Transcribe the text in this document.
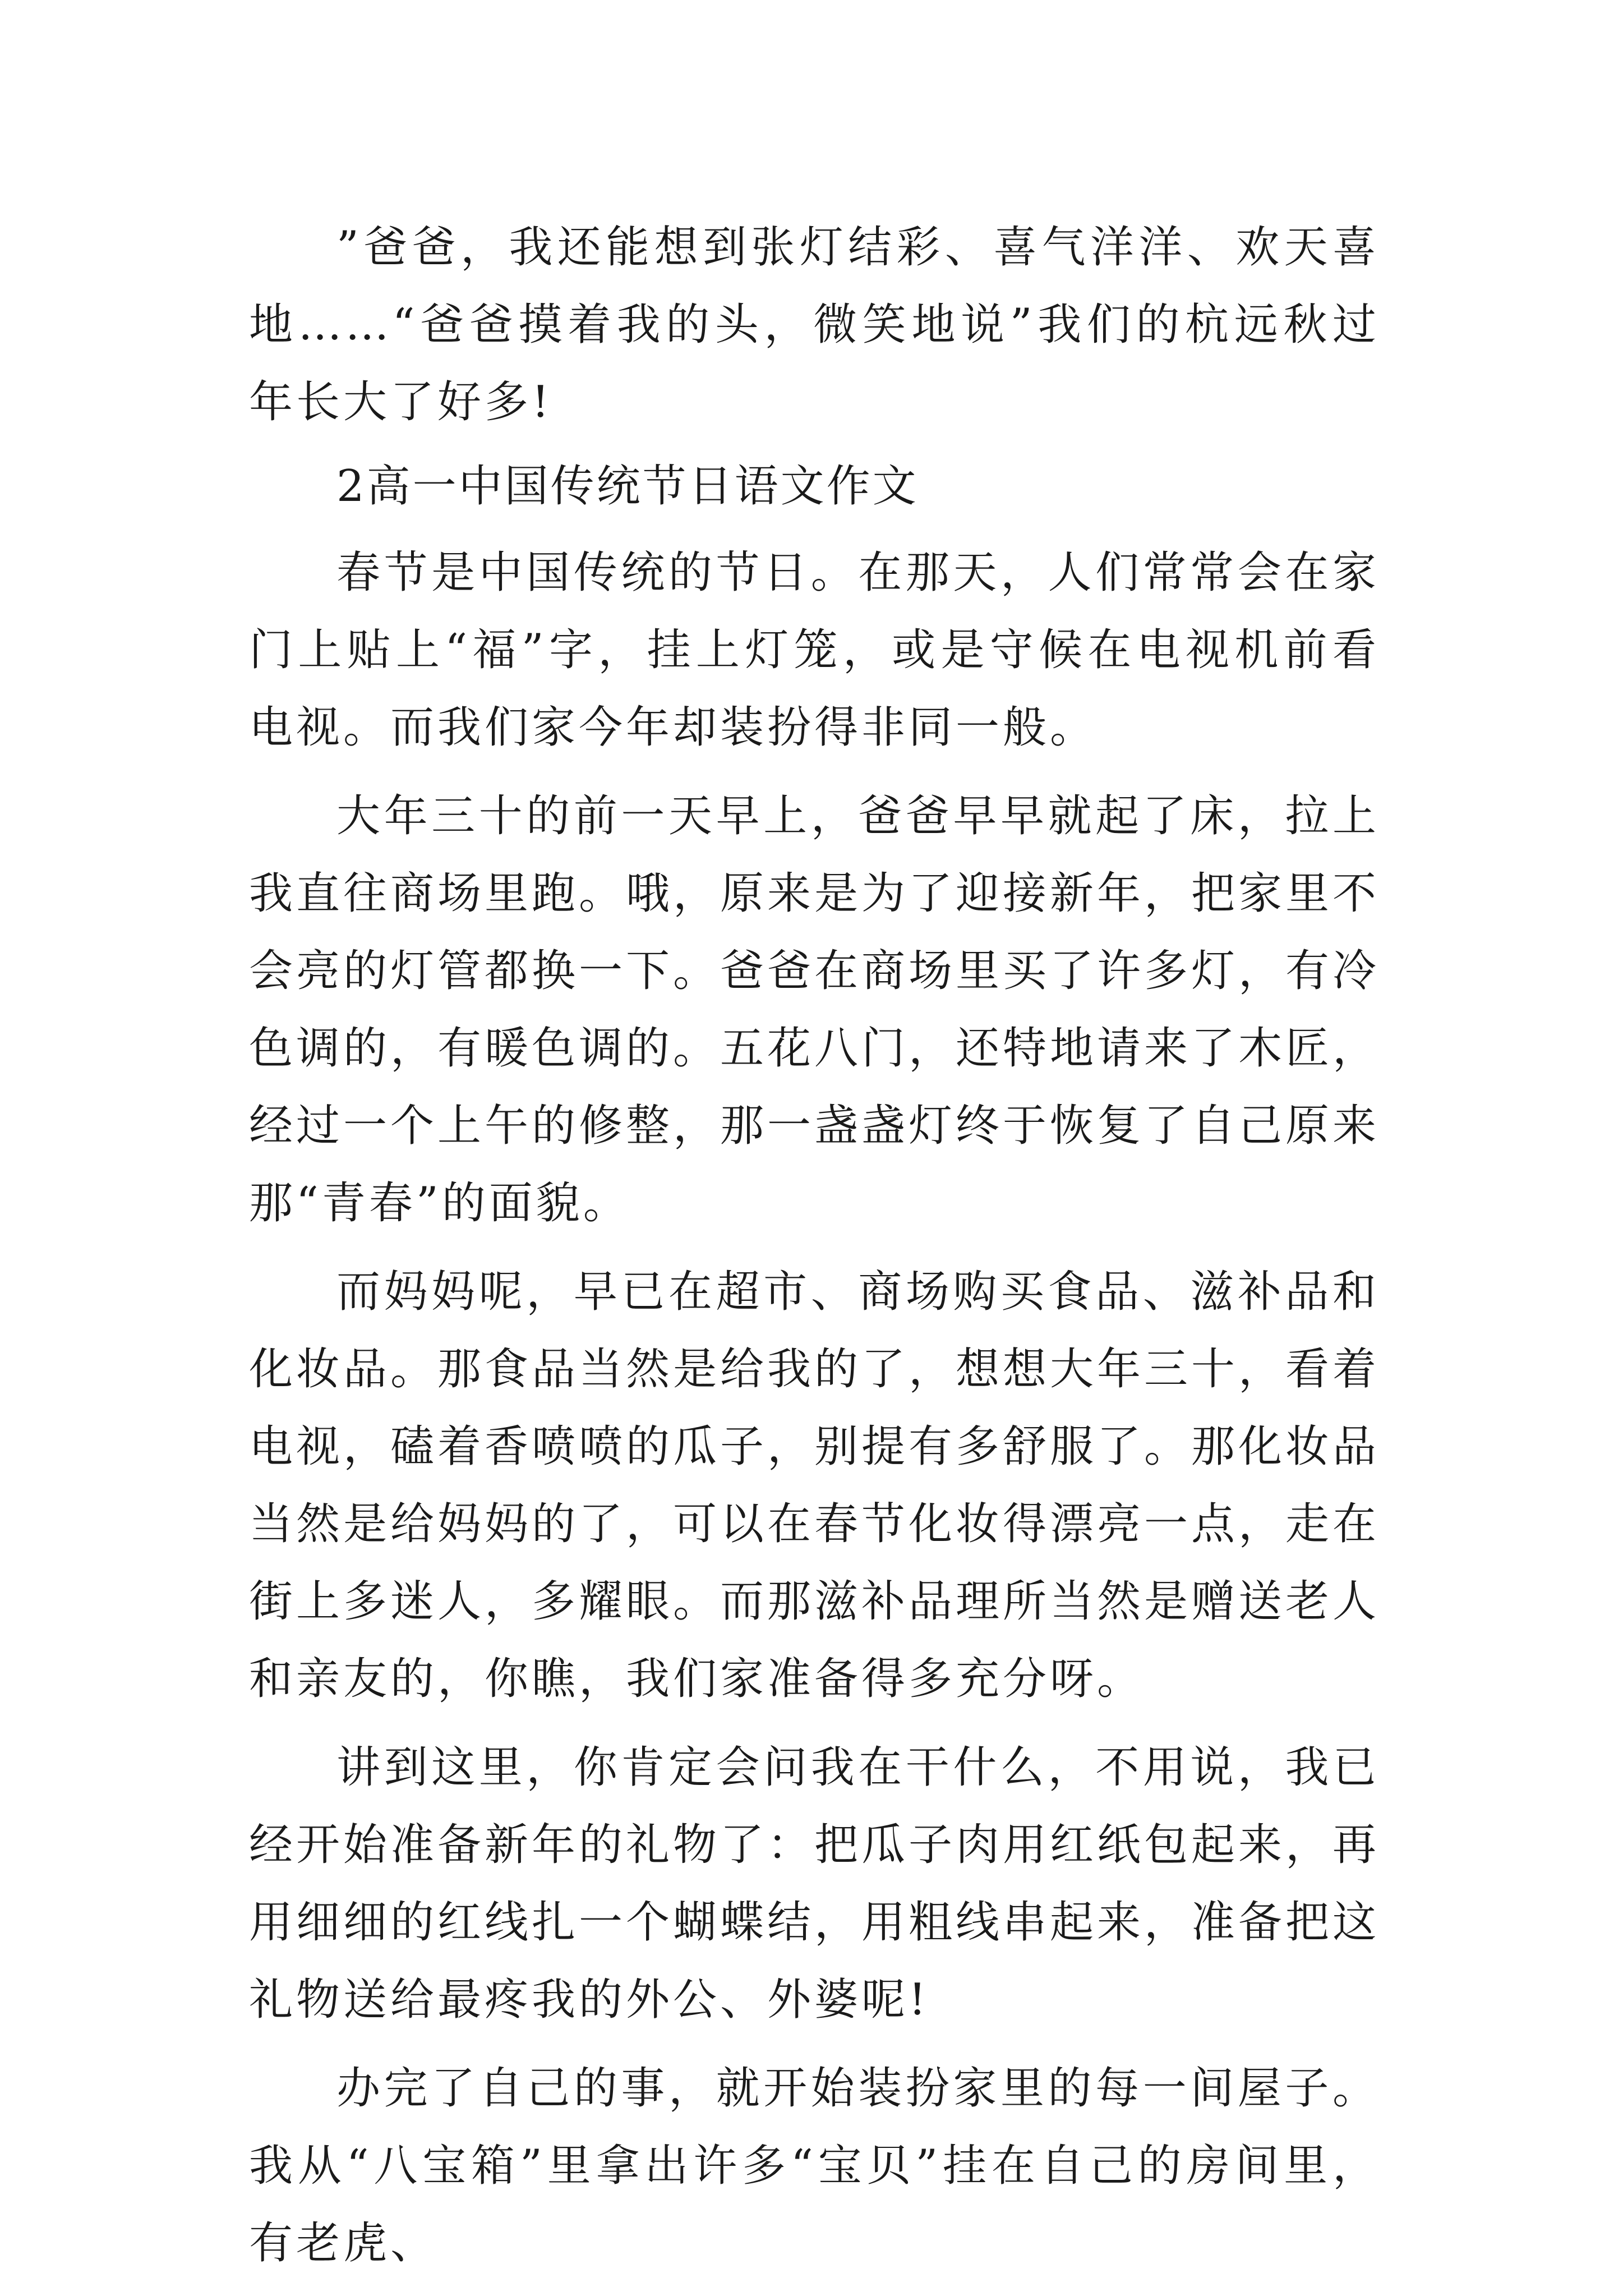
”爸爸，我还能想到张灯结彩、喜气洋洋、欢天喜地……“爸爸摸着我的头，微笑地说”我们的杭远秋过年长大了好多!

2高一中国传统节日语文作文

春节是中国传统的节日。在那天，人们常常会在家门上贴上“福”字，挂上灯笼，或是守候在电视机前看电视。而我们家今年却装扮得非同一般。

大年三十的前一天早上，爸爸早早就起了床，拉上我直往商场里跑。哦，原来是为了迎接新年，把家里不会亮的灯管都换一下。爸爸在商场里买了许多灯，有冷色调的，有暖色调的。五花八门，还特地请来了木匠，经过一个上午的修整，那一盏盏灯终于恢复了自己原来那“青春”的面貌。

而妈妈呢，早已在超市、商场购买食品、滋补品和化妆品。那食品当然是给我的了，想想大年三十，看着电视，磕着香喷喷的瓜子，别提有多舒服了。那化妆品当然是给妈妈的了，可以在春节化妆得漂亮一点，走在街上多迷人，多耀眼。而那滋补品理所当然是赠送老人和亲友的，你瞧，我们家准备得多充分呀。

讲到这里，你肯定会问我在干什么，不用说，我已经开始准备新年的礼物了：把瓜子肉用红纸包起来，再用细细的红线扎一个蝴蝶结，用粗线串起来，准备把这礼物送给最疼我的外公、外婆呢!

办完了自己的事，就开始装扮家里的每一间屋子。我从“八宝箱”里拿出许多“宝贝”挂在自己的房间里，有老虎、
